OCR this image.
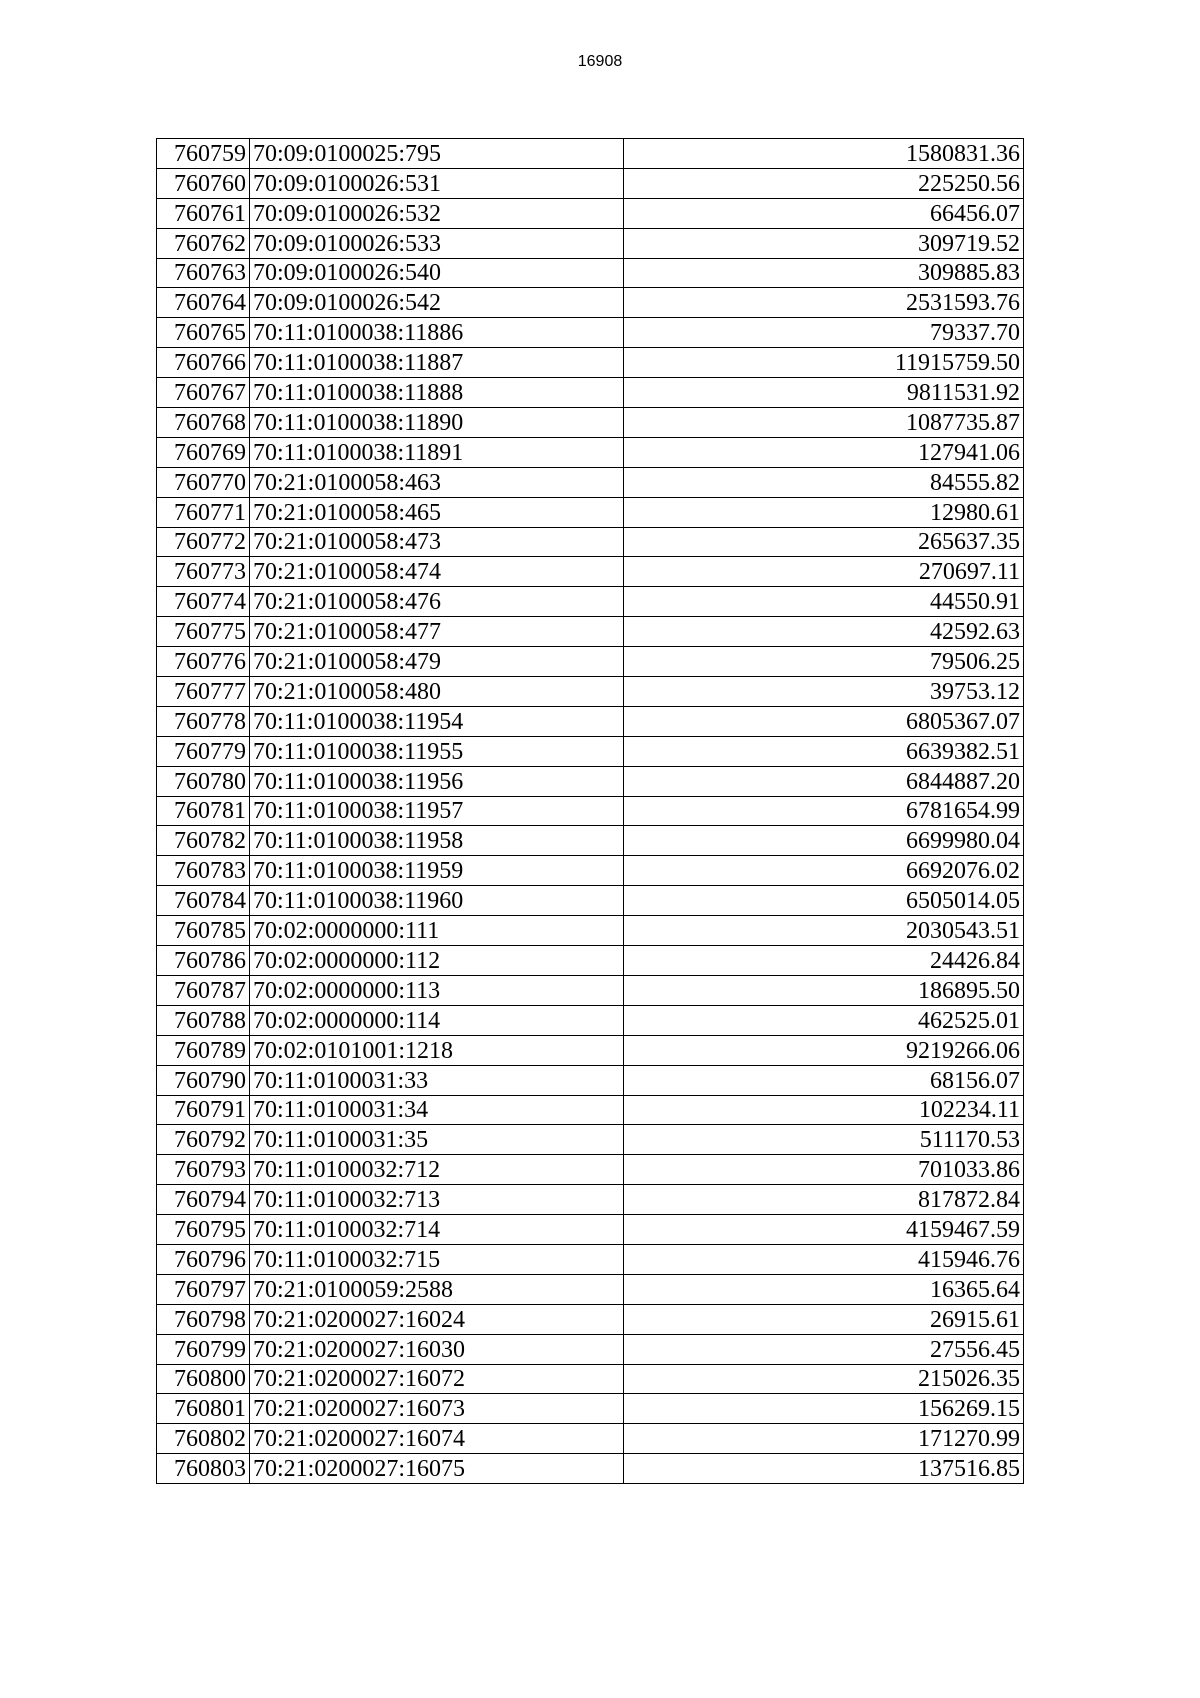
16908
760759	70:09:0100025:795	1580831.36
760760	70:09:0100026:531	225250.56
760761	70:09:0100026:532	66456.07
760762	70:09:0100026:533	309719.52
760763	70:09:0100026:540	309885.83
760764	70:09:0100026:542	2531593.76
760765	70:11:0100038:11886	79337.70
760766	70:11:0100038:11887	11915759.50
760767	70:11:0100038:11888	9811531.92
760768	70:11:0100038:11890	1087735.87
760769	70:11:0100038:11891	127941.06
760770	70:21:0100058:463	84555.82
760771	70:21:0100058:465	12980.61
760772	70:21:0100058:473	265637.35
760773	70:21:0100058:474	270697.11
760774	70:21:0100058:476	44550.91
760775	70:21:0100058:477	42592.63
760776	70:21:0100058:479	79506.25
760777	70:21:0100058:480	39753.12
760778	70:11:0100038:11954	6805367.07
760779	70:11:0100038:11955	6639382.51
760780	70:11:0100038:11956	6844887.20
760781	70:11:0100038:11957	6781654.99
760782	70:11:0100038:11958	6699980.04
760783	70:11:0100038:11959	6692076.02
760784	70:11:0100038:11960	6505014.05
760785	70:02:0000000:111	2030543.51
760786	70:02:0000000:112	24426.84
760787	70:02:0000000:113	186895.50
760788	70:02:0000000:114	462525.01
760789	70:02:0101001:1218	9219266.06
760790	70:11:0100031:33	68156.07
760791	70:11:0100031:34	102234.11
760792	70:11:0100031:35	511170.53
760793	70:11:0100032:712	701033.86
760794	70:11:0100032:713	817872.84
760795	70:11:0100032:714	4159467.59
760796	70:11:0100032:715	415946.76
760797	70:21:0100059:2588	16365.64
760798	70:21:0200027:16024	26915.61
760799	70:21:0200027:16030	27556.45
760800	70:21:0200027:16072	215026.35
760801	70:21:0200027:16073	156269.15
760802	70:21:0200027:16074	171270.99
760803	70:21:0200027:16075	137516.85
